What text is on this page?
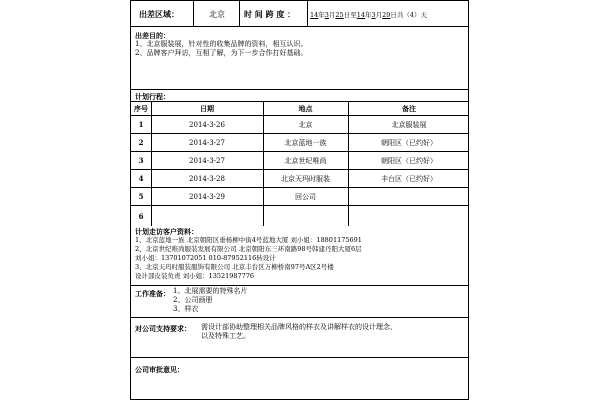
出差区域：	北京 时 间 跨 度 ： 14年3月25日至14年3月29日共（4）天
出差目的：
1、北京服装展，针对性的收集品牌的资料，相互认识。
2、品牌客户拜访，互相了解，为下一步合作打好基础。
计划行程：
序号	日期	地点	备注
1	2014-3-26	北京	北京服装展
2	2014-3-27	北京蓝地一族	朝阳区（已约好）
3	2014-3-27	北京世纪唯尚	朝阳区（已约好）
4	2014-3-28	北京天玛时服装	丰台区（已约好）
5	2014-3-29	回公司
6
计划走访客户资料：
1、北京蓝地一族 北京朝阳区垂杨柳中街4号蓝地大厦 刘小姐：18801175691
2、北京世纪唯尚服装发展有限公司 北京朝阳东三环南路98号韩建丹阳大厦6层
刘小姐：13701072051 010-87952116转设计
3、北京天玛时服装服饰有限公司 北京丰台区万柳桥南97号A区2号楼
设计部皮装负责 刘小姐：13521987776
工作准备： 1、北展需要的特殊名片
2、公司画册
3、样衣
对公司支持要求： 需设计部协助整理相关品牌风格的样衣及讲解样衣的设计理念，
以及特殊工艺。
公司审批意见：
